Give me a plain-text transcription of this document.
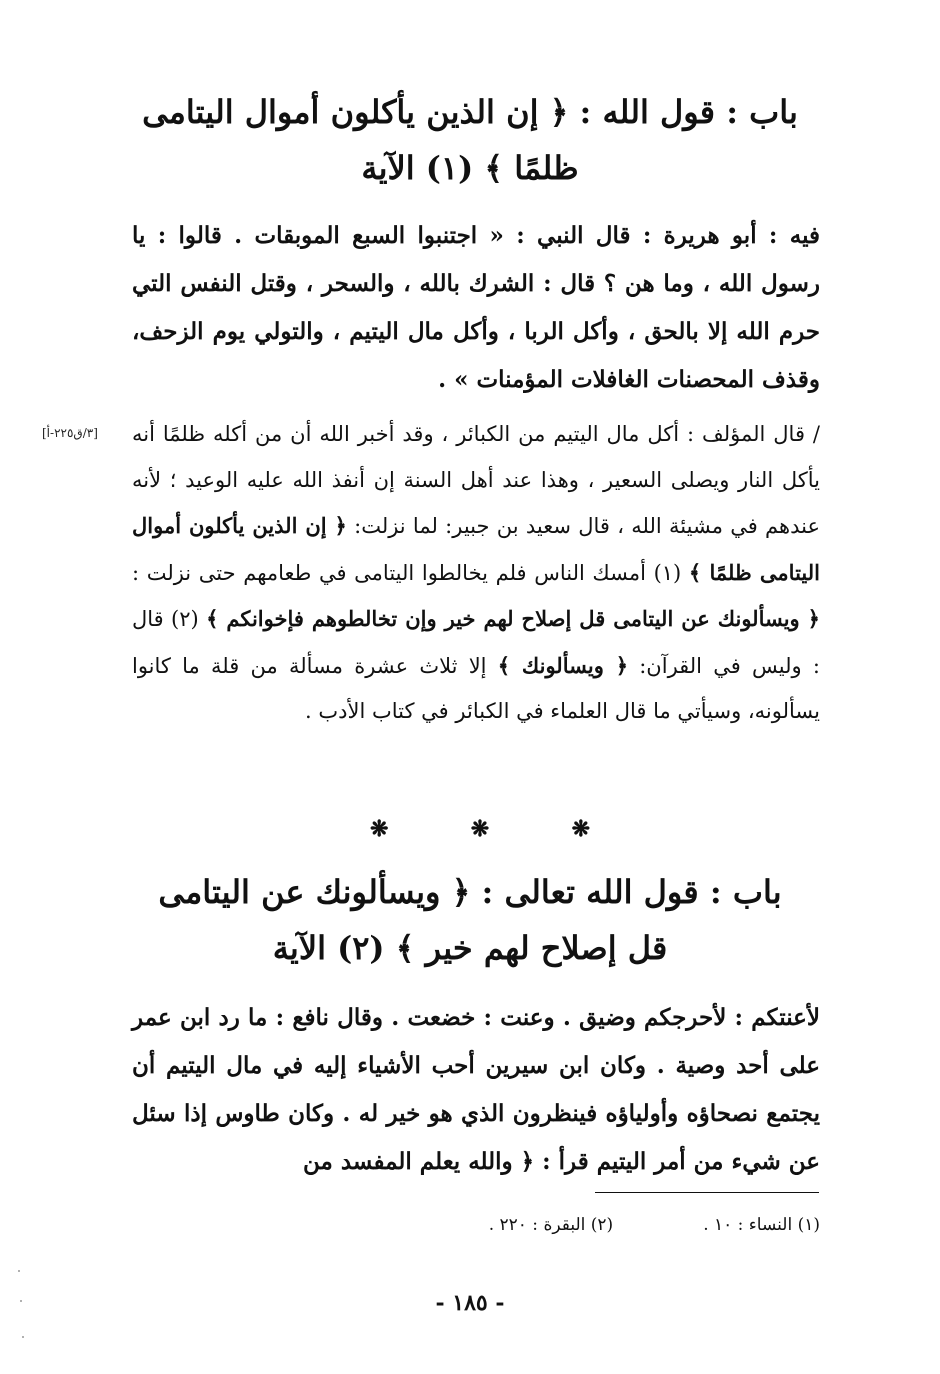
باب : قول الله : ﴿ إن الذين يأكلون أموال اليتامى
ظلمًا ﴾ (١) الآية
فيه : أبو هريرة : قال النبي : « اجتنبوا السبع الموبقات . قالوا : يا رسول الله ، وما هن ؟ قال : الشرك بالله ، والسحر ، وقتل النفس التي حرم الله إلا بالحق ، وأكل الربا ، وأكل مال اليتيم ، والتولي يوم الزحف، وقذف المحصنات الغافلات المؤمنات » .
[٣/ق٢٢٥-أ] / قال المؤلف : أكل مال اليتيم من الكبائر ، وقد أخبر الله أن من أكله ظلمًا أنه يأكل النار ويصلى السعير ، وهذا عند أهل السنة إن أنفذ الله عليه الوعيد ؛ لأنه عندهم في مشيئة الله ، قال سعيد بن جبير: لما نزلت: ﴿ إن الذين يأكلون أموال اليتامى ظلمًا ﴾ (١) أمسك الناس فلم يخالطوا اليتامى في طعامهم حتى نزلت : ﴿ ويسألونك عن اليتامى قل إصلاح لهم خير وإن تخالطوهم فإخوانكم ﴾ (٢) قال : وليس في القرآن: ﴿ ويسألونك ﴾ إلا ثلاث عشرة مسألة من قلة ما كانوا يسألونه، وسيأتي ما قال العلماء في الكبائر في كتاب الأدب .
❋
❋
❋
باب : قول الله تعالى : ﴿ ويسألونك عن اليتامى
قل إصلاح لهم خير ﴾ (٢) الآية
لأعنتكم : لأحرجكم وضيق . وعنت : خضعت . وقال نافع : ما رد ابن عمر على أحد وصية . وكان ابن سيرين أحب الأشياء إليه في مال اليتيم أن يجتمع نصحاؤه وأولياؤه فينظرون الذي هو خير له . وكان طاوس إذا سئل عن شيء من أمر اليتيم قرأ : ﴿ والله يعلم المفسد من
(١) النساء : ١٠ .
(٢) البقرة : ٢٢٠ .
- ١٨٥ -
